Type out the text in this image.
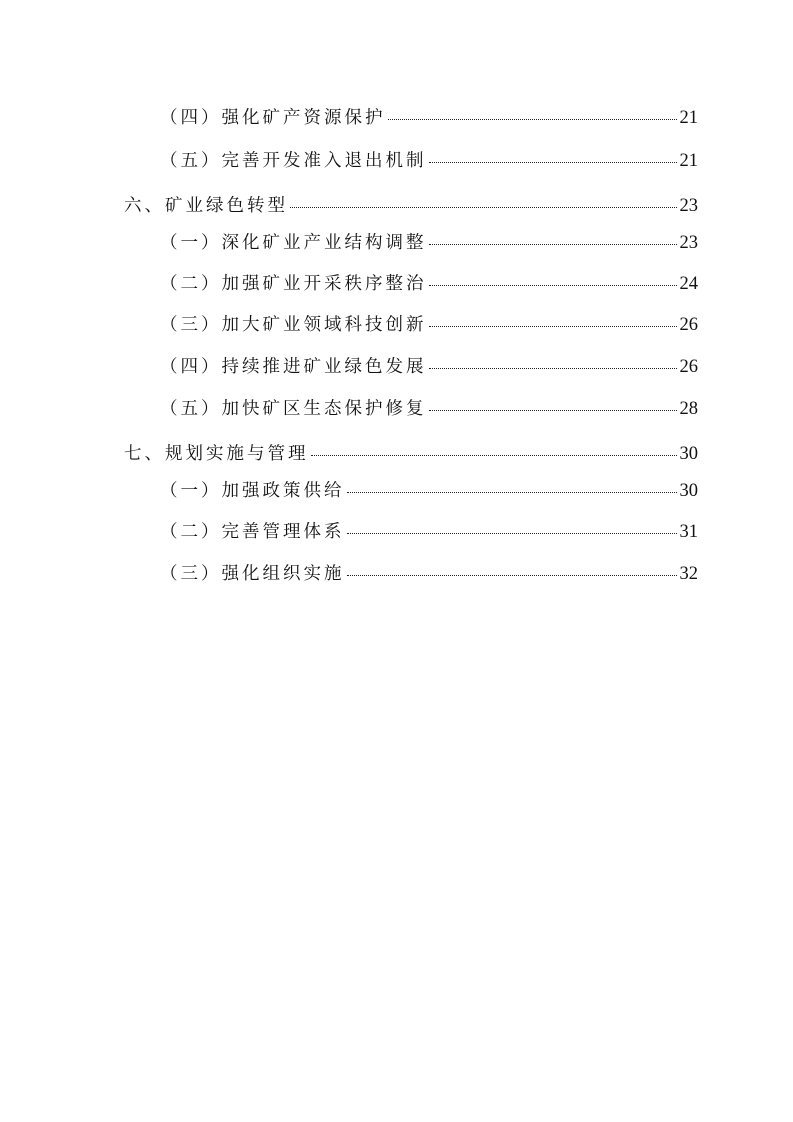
（四）强化矿产资源保护	21
（五）完善开发准入退出机制	21
六、矿业绿色转型	23
（一）深化矿业产业结构调整	23
（二）加强矿业开采秩序整治	24
（三）加大矿业领域科技创新	26
（四）持续推进矿业绿色发展	26
（五）加快矿区生态保护修复	28
七、规划实施与管理	30
（一）加强政策供给	30
（二）完善管理体系	31
（三）强化组织实施	32
